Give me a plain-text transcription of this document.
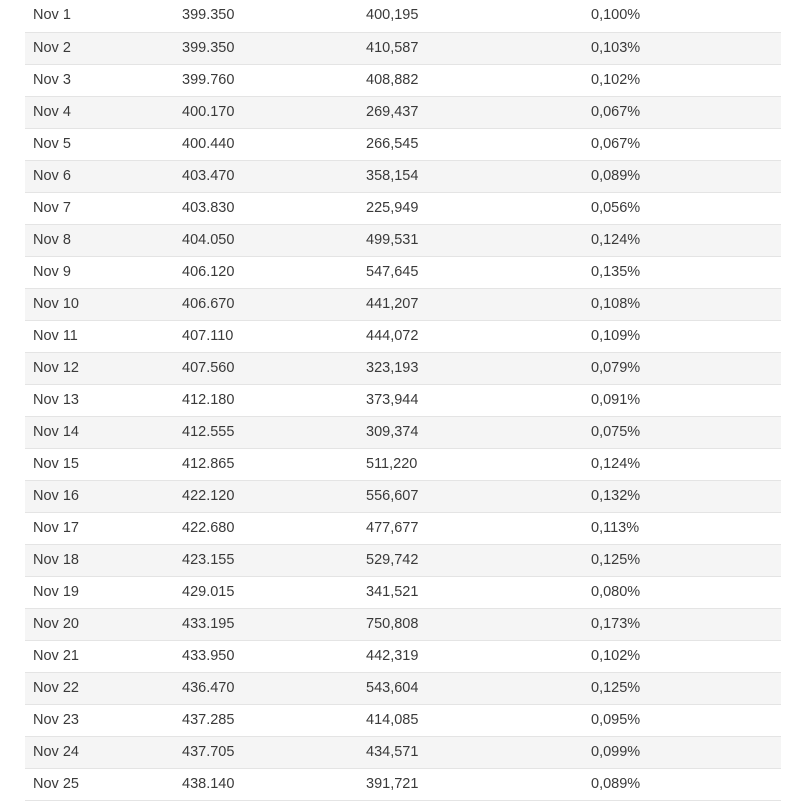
Nov 1	399.350	400,195	0,100%
Nov 2	399.350	410,587	0,103%
Nov 3	399.760	408,882	0,102%
Nov 4	400.170	269,437	0,067%
Nov 5	400.440	266,545	0,067%
Nov 6	403.470	358,154	0,089%
Nov 7	403.830	225,949	0,056%
Nov 8	404.050	499,531	0,124%
Nov 9	406.120	547,645	0,135%
Nov 10	406.670	441,207	0,108%
Nov 11	407.110	444,072	0,109%
Nov 12	407.560	323,193	0,079%
Nov 13	412.180	373,944	0,091%
Nov 14	412.555	309,374	0,075%
Nov 15	412.865	511,220	0,124%
Nov 16	422.120	556,607	0,132%
Nov 17	422.680	477,677	0,113%
Nov 18	423.155	529,742	0,125%
Nov 19	429.015	341,521	0,080%
Nov 20	433.195	750,808	0,173%
Nov 21	433.950	442,319	0,102%
Nov 22	436.470	543,604	0,125%
Nov 23	437.285	414,085	0,095%
Nov 24	437.705	434,571	0,099%
Nov 25	438.140	391,721	0,089%
